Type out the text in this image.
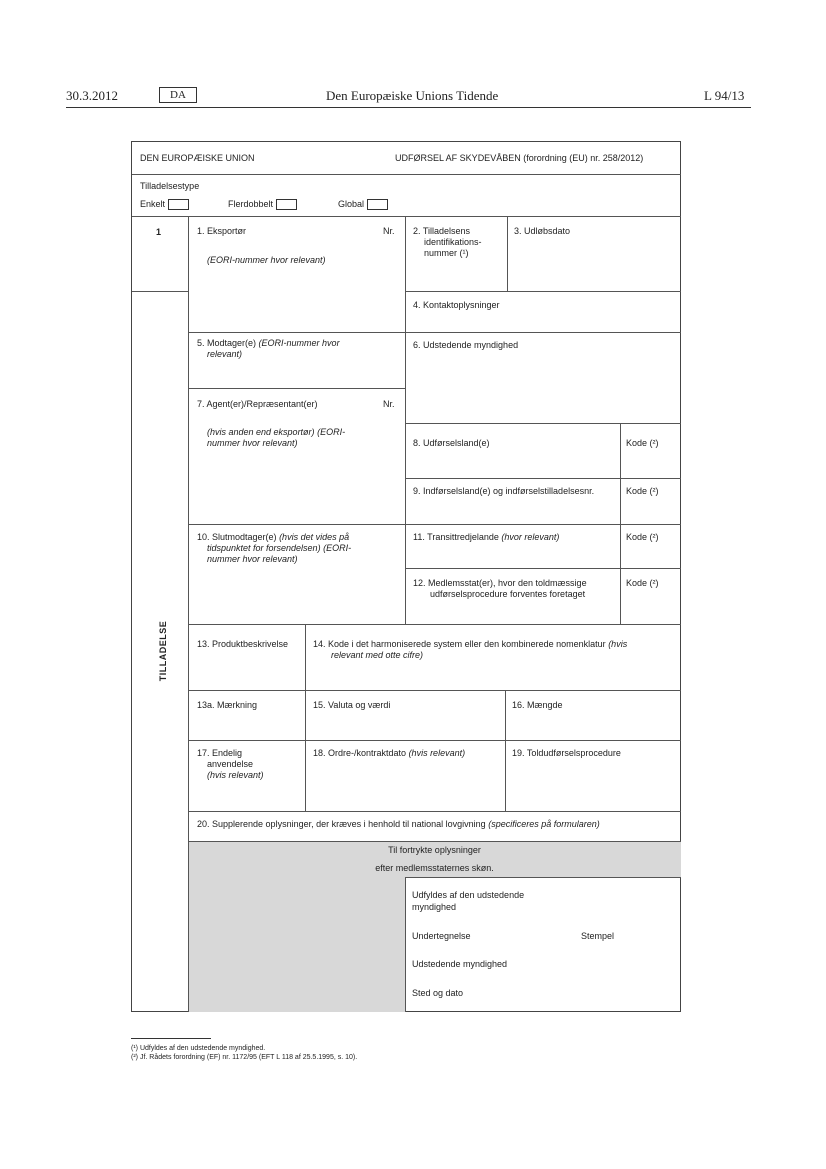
30.3.2012	DA	Den Europæiske Unions Tidende	L 94/13
DEN EUROPÆISKE UNION	UDFØRSEL AF SKYDEVÅBEN (forordning (EU) nr. 258/2012)
Tilladelsestype
Enkelt	Flerdobbelt	Global
1
TILLADELSE
1. Eksportør	Nr.
(EORI-nummer hvor relevant)
2. Tilladelsens
identifikations-
nummer (¹)
3. Udløbsdato
4. Kontaktoplysninger
5. Modtager(e) (EORI-nummer hvor
relevant)
6. Udstedende myndighed
7. Agent(er)/Repræsentant(er)	Nr.
(hvis anden end eksportør) (EORI-
nummer hvor relevant)	8. Udførselsland(e)	Kode (²)
9. Indførselsland(e) og indførselstilladelsesnr.	Kode (²)
10. Slutmodtager(e) (hvis det vides på
tidspunktet for forsendelsen) (EORI-
nummer hvor relevant)
11. Transittredjelande (hvor relevant)	Kode (²)
12. Medlemsstat(er), hvor den toldmæssige
udførselsprocedure forventes foretaget
Kode (²)
13. Produktbeskrivelse	14. Kode i det harmoniserede system eller den kombinerede nomenklatur (hvis
relevant med otte cifre)
13a. Mærkning	15. Valuta og værdi	16. Mængde
17. Endelig
anvendelse
(hvis relevant)
18. Ordre-/kontraktdato (hvis relevant)	19. Toldudførselsprocedure
20. Supplerende oplysninger, der kræves i henhold til national lovgivning (specificeres på formularen)
Til fortrykte oplysninger
efter medlemsstaternes skøn.
Udfyldes af den udstedende
myndighed
Undertegnelse	Stempel
Udstedende myndighed
Sted og dato
(¹) Udfyldes af den udstedende myndighed.
(²) Jf. Rådets forordning (EF) nr. 1172/95 (EFT L 118 af 25.5.1995, s. 10).
